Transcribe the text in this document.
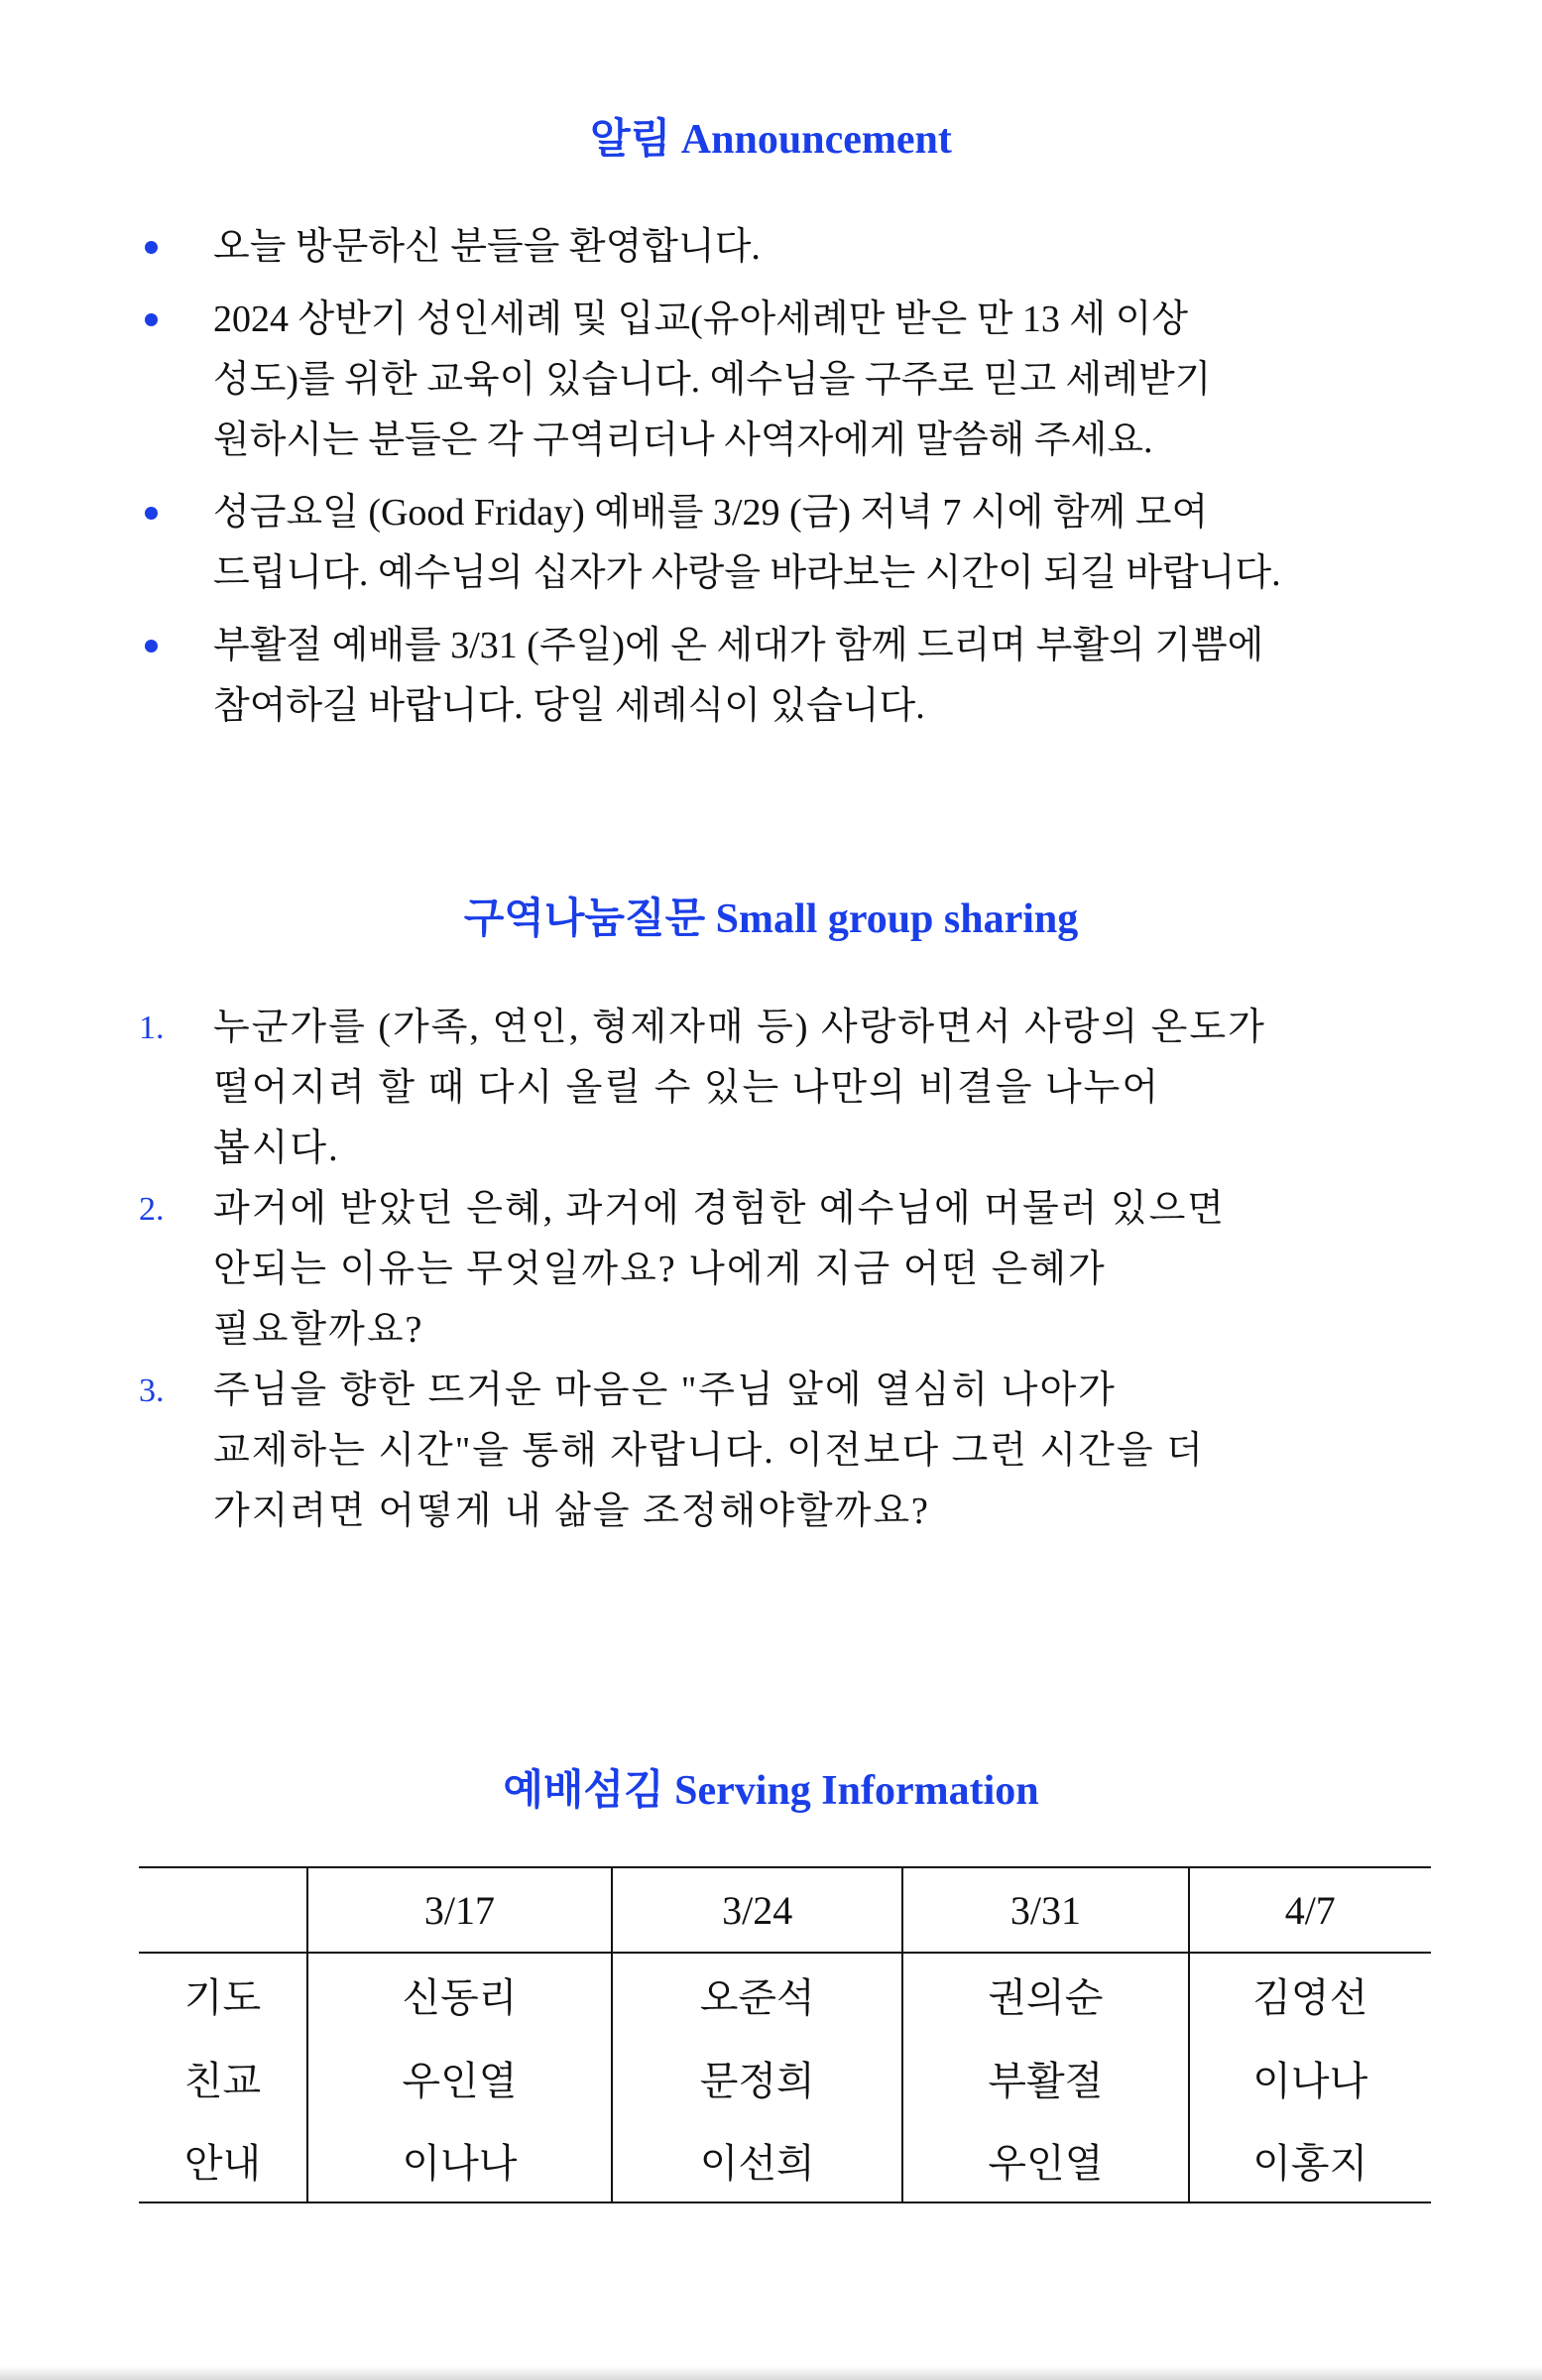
알림 Announcement
오늘 방문하신 분들을 환영합니다.
2024 상반기 성인세례 및 입교(유아세례만 받은 만 13 세 이상
성도)를 위한 교육이 있습니다. 예수님을 구주로 믿고 세례받기
원하시는 분들은 각 구역리더나 사역자에게 말씀해 주세요.
성금요일 (Good Friday) 예배를 3/29 (금) 저녁 7 시에 함께 모여
드립니다. 예수님의 십자가 사랑을 바라보는 시간이 되길 바랍니다.
부활절 예배를 3/31 (주일)에 온 세대가 함께 드리며 부활의 기쁨에
참여하길 바랍니다. 당일 세례식이 있습니다.
구역나눔질문 Small group sharing
1. 누군가를 (가족, 연인, 형제자매 등) 사랑하면서 사랑의 온도가
떨어지려 할 때 다시 올릴 수 있는 나만의 비결을 나누어
봅시다.
2. 과거에 받았던 은혜, 과거에 경험한 예수님에 머물러 있으면
안되는 이유는 무엇일까요? 나에게 지금 어떤 은혜가
필요할까요?
3. 주님을 향한 뜨거운 마음은 "주님 앞에 열심히 나아가
교제하는 시간"을 통해 자랍니다. 이전보다 그런 시간을 더
가지려면 어떻게 내 삶을 조정해야할까요?
예배섬김 Serving Information
	3/17	3/24	3/31	4/7
기도	신동리	오준석	권의순	김영선
친교	우인열	문정희	부활절	이나나
안내	이나나	이선희	우인열	이홍지
